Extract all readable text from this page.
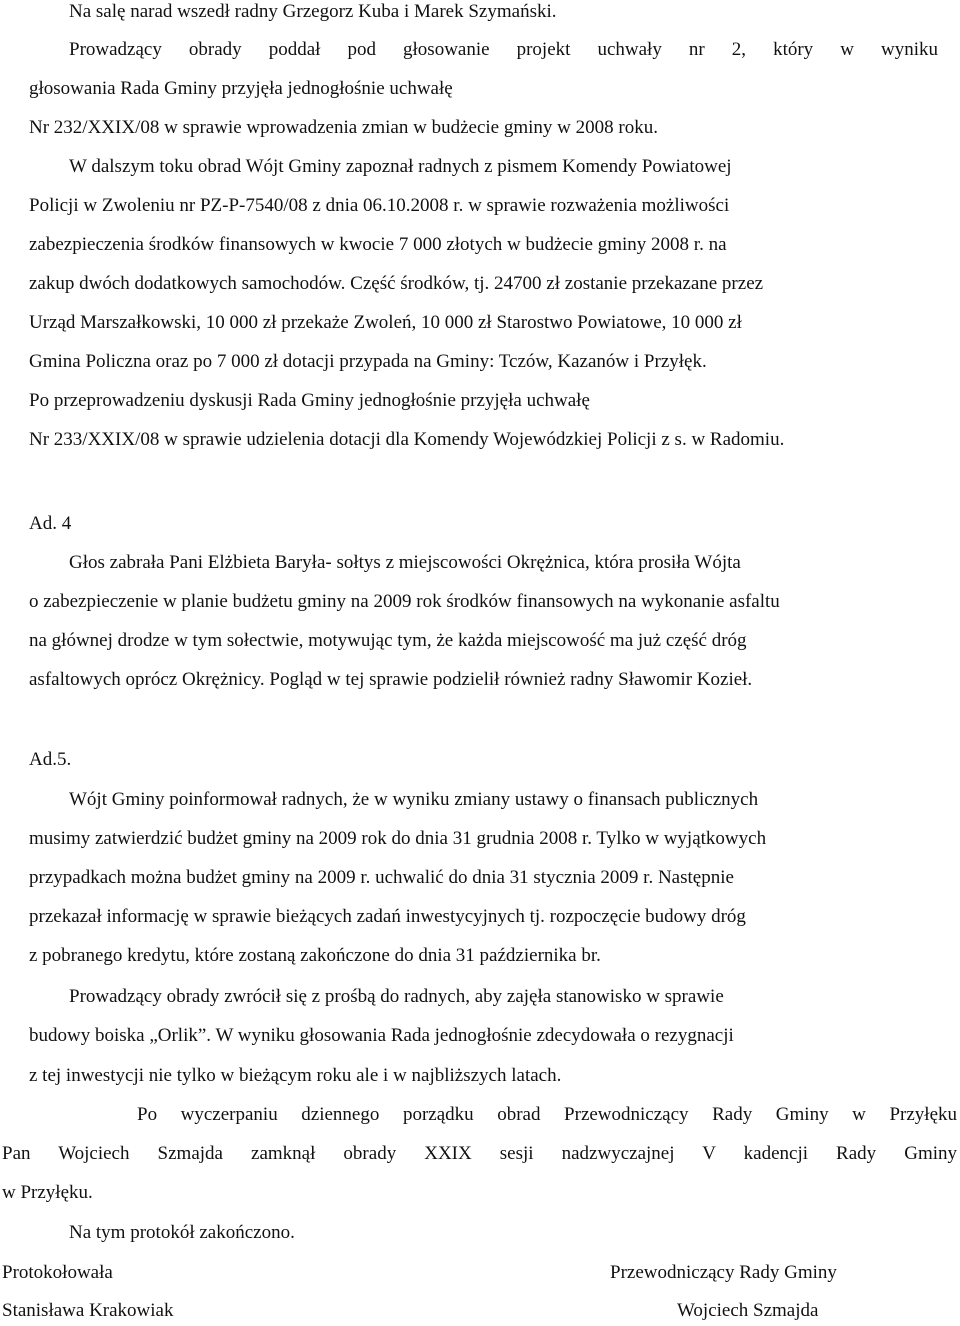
Na salę narad wszedł radny Grzegorz Kuba i Marek Szymański.
Prowadzący obrady poddał pod głosowanie projekt uchwały nr 2, który w wyniku
głosowania Rada Gminy przyjęła jednogłośnie uchwałę
Nr 232/XXIX/08 w sprawie wprowadzenia zmian w budżecie gminy w 2008 roku.
W dalszym toku obrad Wójt Gminy zapoznał radnych z pismem Komendy Powiatowej
Policji w Zwoleniu nr PZ-P-7540/08 z dnia 06.10.2008 r. w sprawie rozważenia możliwości
zabezpieczenia środków finansowych w kwocie 7 000 złotych w budżecie gminy 2008 r. na
zakup dwóch dodatkowych samochodów. Część środków, tj. 24700 zł zostanie przekazane przez
Urząd Marszałkowski, 10 000 zł przekaże Zwoleń, 10 000 zł Starostwo Powiatowe, 10 000 zł
Gmina Policzna oraz po 7 000 zł dotacji przypada na Gminy: Tczów, Kazanów i Przyłęk.
Po przeprowadzeniu dyskusji Rada Gminy jednogłośnie przyjęła uchwałę
Nr 233/XXIX/08 w sprawie udzielenia dotacji dla Komendy Wojewódzkiej Policji z s. w Radomiu.
Ad. 4
Głos zabrała Pani Elżbieta Baryła- sołtys z miejscowości Okrężnica, która prosiła Wójta
o zabezpieczenie w planie budżetu gminy na 2009 rok środków finansowych na wykonanie asfaltu
na głównej drodze w tym sołectwie, motywując tym, że każda miejscowość ma już część dróg
asfaltowych oprócz Okrężnicy. Pogląd w tej sprawie podzielił również radny Sławomir Kozieł.
Ad.5.
Wójt Gminy poinformował radnych, że w wyniku zmiany ustawy o finansach publicznych
musimy zatwierdzić budżet gminy na 2009 rok do dnia 31 grudnia 2008 r. Tylko w wyjątkowych
przypadkach można budżet gminy na 2009 r. uchwalić do dnia 31 stycznia 2009 r. Następnie
przekazał informację w sprawie bieżących zadań inwestycyjnych tj. rozpoczęcie budowy dróg
z pobranego kredytu, które zostaną zakończone do dnia 31 października br.
Prowadzący obrady zwrócił się z prośbą do radnych, aby zajęła stanowisko w sprawie
budowy boiska „Orlik”. W wyniku głosowania Rada jednogłośnie zdecydowała o rezygnacji
z tej inwestycji nie tylko w bieżącym roku ale i w najbliższych latach.
Po wyczerpaniu dziennego porządku obrad Przewodniczący Rady Gminy w Przyłęku
Pan Wojciech Szmajda zamknął obrady XXIX sesji nadzwyczajnej V kadencji Rady Gminy
w Przyłęku.
Na tym protokół zakończono.
Protokołowała	Przewodniczący Rady Gminy
Stanisława Krakowiak	Wojciech Szmajda
